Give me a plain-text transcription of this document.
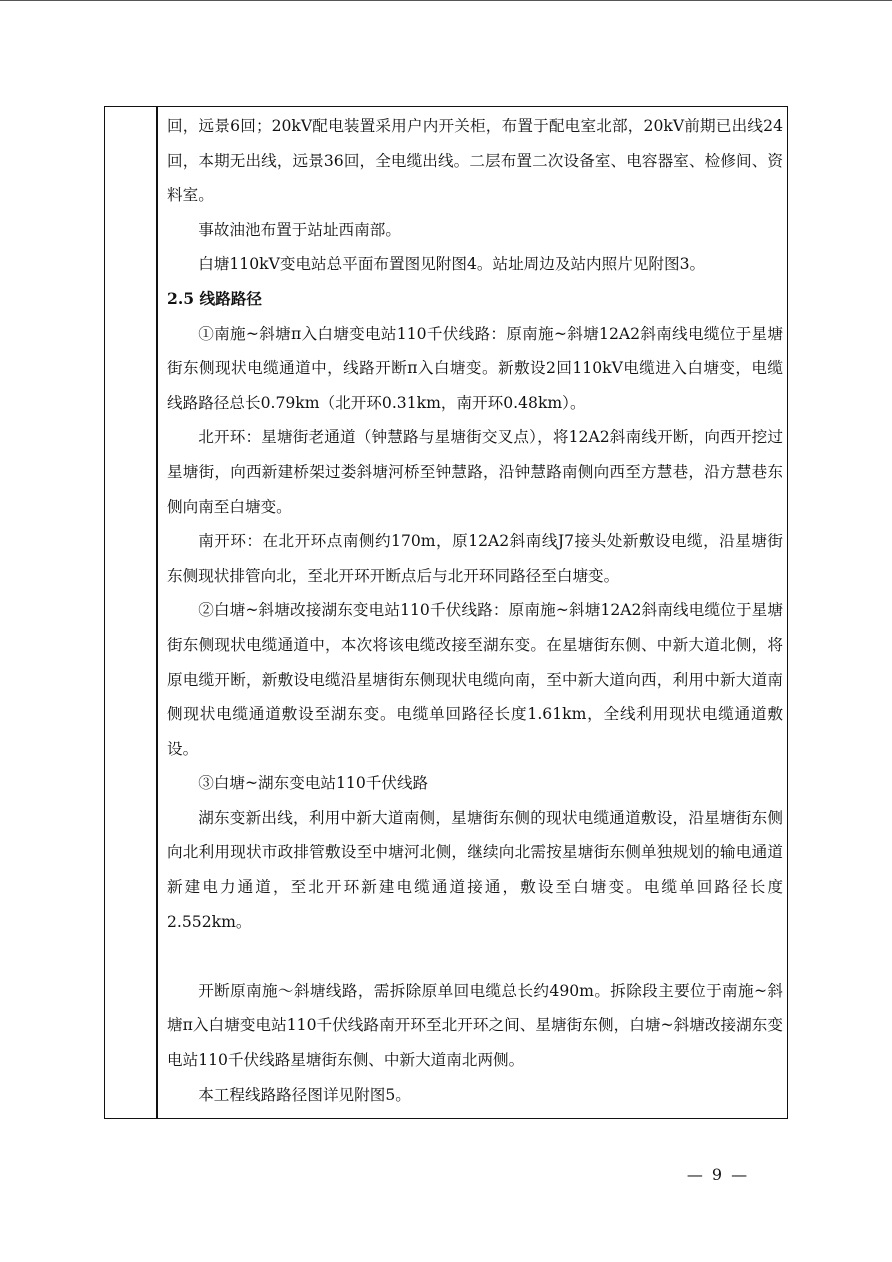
回，远景6回；20kV配电装置采用户内开关柜，布置于配电室北部，20kV前期已出线24回，本期无出线，远景36回，全电缆出线。二层布置二次设备室、电容器室、检修间、资料室。

事故油池布置于站址西南部。

白塘110kV变电站总平面布置图见附图4。站址周边及站内照片见附图3。

2.5 线路路径

①南施~斜塘π入白塘变电站110千伏线路：原南施~斜塘12A2斜南线电缆位于星塘街东侧现状电缆通道中，线路开断π入白塘变。新敷设2回110kV电缆进入白塘变，电缆线路路径总长0.79km（北开环0.31km，南开环0.48km）。

北开环：星塘街老通道（钟慧路与星塘街交叉点），将12A2斜南线开断，向西开挖过星塘街，向西新建桥架过娄斜塘河桥至钟慧路，沿钟慧路南侧向西至方慧巷，沿方慧巷东侧向南至白塘变。

南开环：在北开环点南侧约170m，原12A2斜南线J7接头处新敷设电缆，沿星塘街东侧现状排管向北，至北开环开断点后与北开环同路径至白塘变。

②白塘~斜塘改接湖东变电站110千伏线路：原南施~斜塘12A2斜南线电缆位于星塘街东侧现状电缆通道中，本次将该电缆改接至湖东变。在星塘街东侧、中新大道北侧，将原电缆开断，新敷设电缆沿星塘街东侧现状电缆向南，至中新大道向西，利用中新大道南侧现状电缆通道敷设至湖东变。电缆单回路径长度1.61km，全线利用现状电缆通道敷设。

③白塘~湖东变电站110千伏线路

湖东变新出线，利用中新大道南侧，星塘街东侧的现状电缆通道敷设，沿星塘街东侧向北利用现状市政排管敷设至中塘河北侧，继续向北需按星塘街东侧单独规划的输电通道新建电力通道，至北开环新建电缆通道接通，敷设至白塘变。电缆单回路径长度2.552km。

开断原南施～斜塘线路，需拆除原单回电缆总长约490m。拆除段主要位于南施~斜塘π入白塘变电站110千伏线路南开环至北开环之间、星塘街东侧，白塘~斜塘改接湖东变电站110千伏线路星塘街东侧、中新大道南北两侧。

本工程线路路径图详见附图5。

— 9 —
